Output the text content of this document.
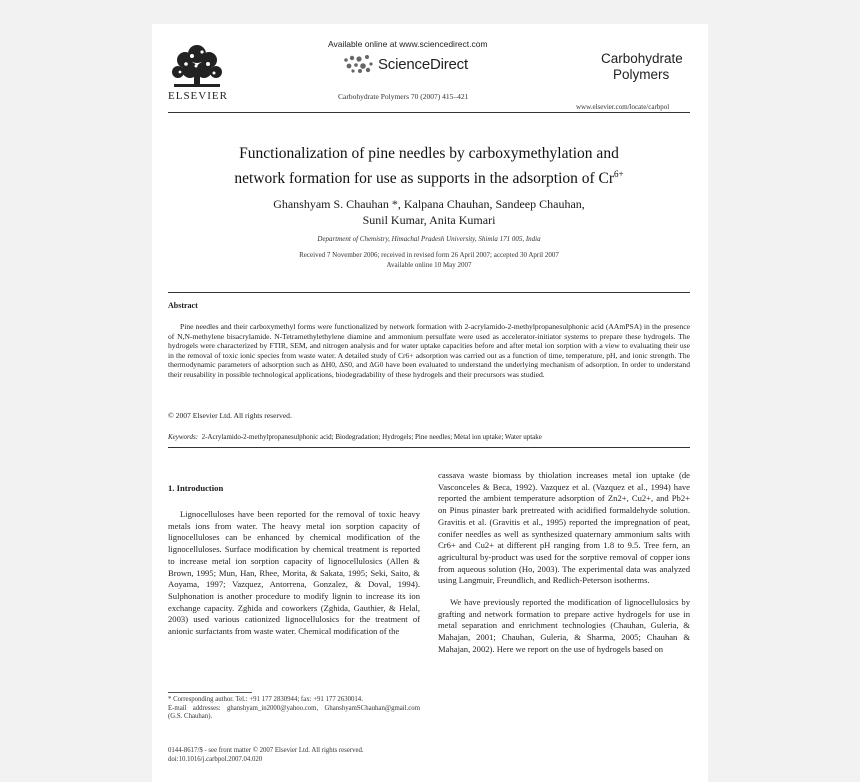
ELSEVIER
Available online at www.sciencedirect.com
ScienceDirect
Carbohydrate Polymers 70 (2007) 415–421
Carbohydrate
Polymers
www.elsevier.com/locate/carbpol
Functionalization of pine needles by carboxymethylation and
network formation for use as supports in the adsorption of $Cr^{6+}$
Ghanshyam S. Chauhan *, Kalpana Chauhan, Sandeep Chauhan,
Sunil Kumar, Anita Kumari
Department of Chemistry, Himachal Pradesh University, Shimla 171 005, India
Received 7 November 2006; received in revised form 26 April 2007; accepted 30 April 2007
Available online 10 May 2007
Abstract

Pine needles and their carboxymethyl forms were functionalized by network formation with 2-acrylamido-2-methylpropanesulphonic acid (AAmPSA) in the presence of N,N-methylene bisacrylamide. N-Tetramethylethylene diamine and ammonium persulfate were used as accelerator-initiator systems to prepare these hydrogels. The hydrogels were characterized by FTIR, SEM, and nitrogen analysis and for water uptake capacities before and after metal ion sorption with a view to evaluating their use in the removal of toxic ionic species from waste water. A detailed study of Cr6+ adsorption was carried out as a function of time, temperature, pH, and ionic strength. The thermodynamic parameters of adsorption such as ΔH0, ΔS0, and ΔG0 have been evaluated to understand the underlying mechanism of adsorption. In order to understand their reusability in possible technological applications, biodegradability of these hydrogels and their precursors was studied.

© 2007 Elsevier Ltd. All rights reserved.
Keywords: 2-Acrylamido-2-methylpropanesulphonic acid; Biodegradation; Hydrogels; Pine needles; Metal ion uptake; Water uptake
1. Introduction

Lignocelluloses have been reported for the removal of toxic heavy metals ions from water. The heavy metal ion sorption capacity of lignocelluloses can be enhanced by chemical modification of the lignocelluloses. Surface modification by chemical treatment is reported to increase metal ion sorption capacity of lignocellulosics (Allen & Brown, 1995; Mun, Han, Rhee, Morita, & Sakata, 1995; Seki, Saito, & Aoyama, 1997; Vazquez, Antorrena, Gonzalez, & Doval, 1994). Sulphonation is another procedure to modify lignin to increase its ion exchange capacity. Zghida and coworkers (Zghida, Gauthier, & Helal, 2003) used various cationized lignocellulosics for the treatment of anionic surfactants from waste water. Chemical modification of the

cassava waste biomass by thiolation increases metal ion uptake (de Vasconceles & Beca, 1992). Vazquez et al. (Vazquez et al., 1994) have reported the ambient temperature adsorption of Zn2+, Cu2+, and Pb2+ on Pinus pinaster bark pretreated with acidified formaldehyde solution. Gravitis et al. (Gravitis et al., 1995) reported the impregnation of peat, conifer needles as well as synthesized quaternary ammonium salts with Cr6+ and Cu2+ at different pH ranging from 1.8 to 9.5. Tree fern, an agricultural by-product was used for the sorptive removal of copper ions from aqueous solution (Ho, 2003). The experimental data was analyzed using Langmuir, Freundlich, and Redlich-Peterson isotherms.

We have previously reported the modification of lignocellulosics by grafting and network formation to prepare active hydrogels for use in metal separation and enrichment technologies (Chauhan, Guleria, & Mahajan, 2001; Chauhan, Guleria, & Sharma, 2005; Chauhan & Mahajan, 2002). Here we report on the use of hydrogels based on

* Corresponding author. Tel.: +91 177 2830944; fax: +91 177 2630014.
E-mail addresses: ghanshyam_in2000@yahoo.com, GhanshyamSChauhan@gmail.com (G.S. Chauhan).
0144-8617/$ - see front matter © 2007 Elsevier Ltd. All rights reserved.
doi:10.1016/j.carbpol.2007.04.020
